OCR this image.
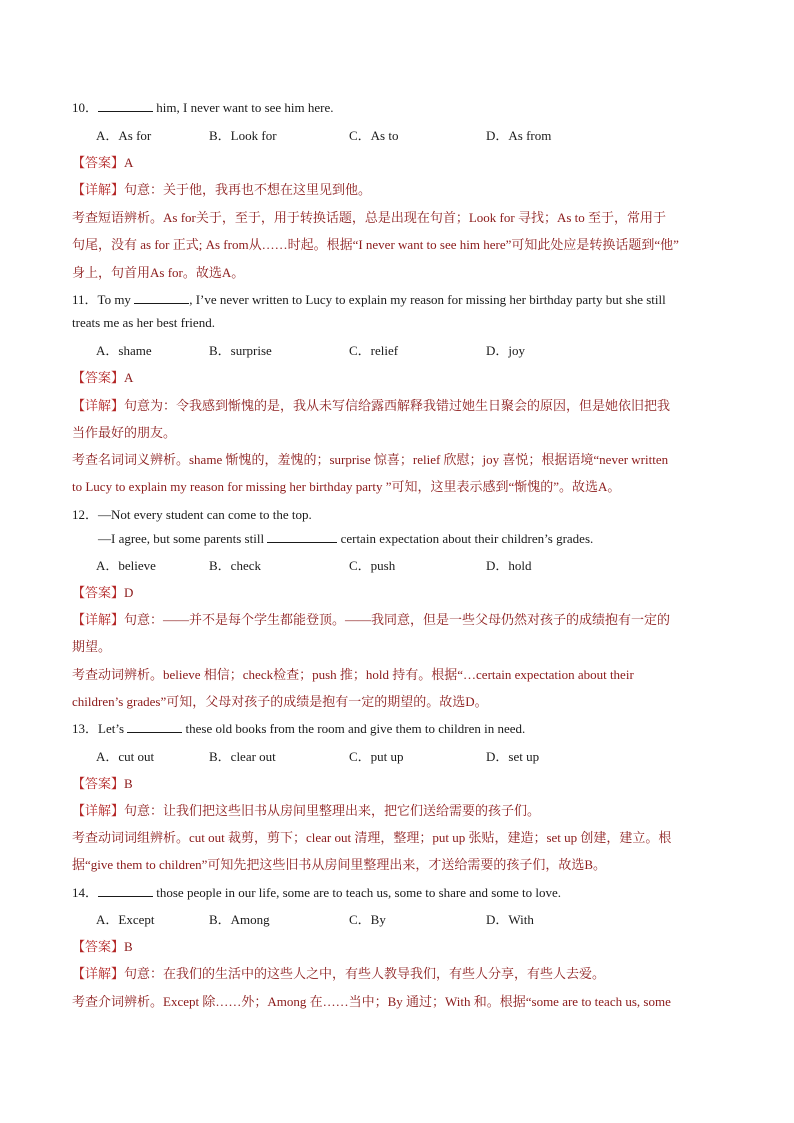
10．	him, I never want to see him here.
A．As for	B．Look for	C．As to	D．As from
【答案】A
【详解】句意：关于他，我再也不想在这里见到他。
考查短语辨析。As for关于，至于，用于转换话题，总是出现在句首；Look for 寻找；As to 至于，常用于
句尾，没有 as for 正式; As from从……时起。根据“I never want to see him here”可知此处应是转换话题到“他”
身上，句首用As for。故选A。
11．To my	, I’ve never written to Lucy to explain my reason for missing her birthday party but she still
treats me as her best friend.
A．shame	B．surprise	C．relief	D．joy
【答案】A
【详解】句意为：令我感到惭愧的是，我从未写信给露西解释我错过她生日聚会的原因，但是她依旧把我
当作最好的朋友。
考查名词词义辨析。shame 惭愧的，羞愧的；surprise 惊喜；relief 欣慰；joy 喜悦；根据语境“never written
to Lucy to explain my reason for missing her birthday party ”可知，这里表示感到“惭愧的”。故选A。
12．—Not every student can come to the top.
—I agree, but some parents still	certain expectation about their children’s grades.
A．believe	B．check	C．push	D．hold
【答案】D
【详解】句意：——并不是每个学生都能登顶。——我同意，但是一些父母仍然对孩子的成绩抱有一定的
期望。
考查动词辨析。believe 相信；check检查；push 推；hold 持有。根据“…certain expectation about their
children’s grades”可知，父母对孩子的成绩是抱有一定的期望的。故选D。
13．Let’s	these old books from the room and give them to children in need.
A．cut out	B．clear out	C．put up	D．set up
【答案】B
【详解】句意：让我们把这些旧书从房间里整理出来，把它们送给需要的孩子们。
考查动词词组辨析。cut out 裁剪，剪下；clear out 清理，整理；put up 张贴，建造；set up 创建，建立。根
据“give them to children”可知先把这些旧书从房间里整理出来，才送给需要的孩子们，故选B。
14．	those people in our life, some are to teach us, some to share and some to love.
A．Except	B．Among	C．By	D．With
【答案】B
【详解】句意：在我们的生活中的这些人之中，有些人教导我们，有些人分享，有些人去爱。
考查介词辨析。Except 除……外；Among 在……当中；By 通过；With 和。根据“some are to teach us, some
